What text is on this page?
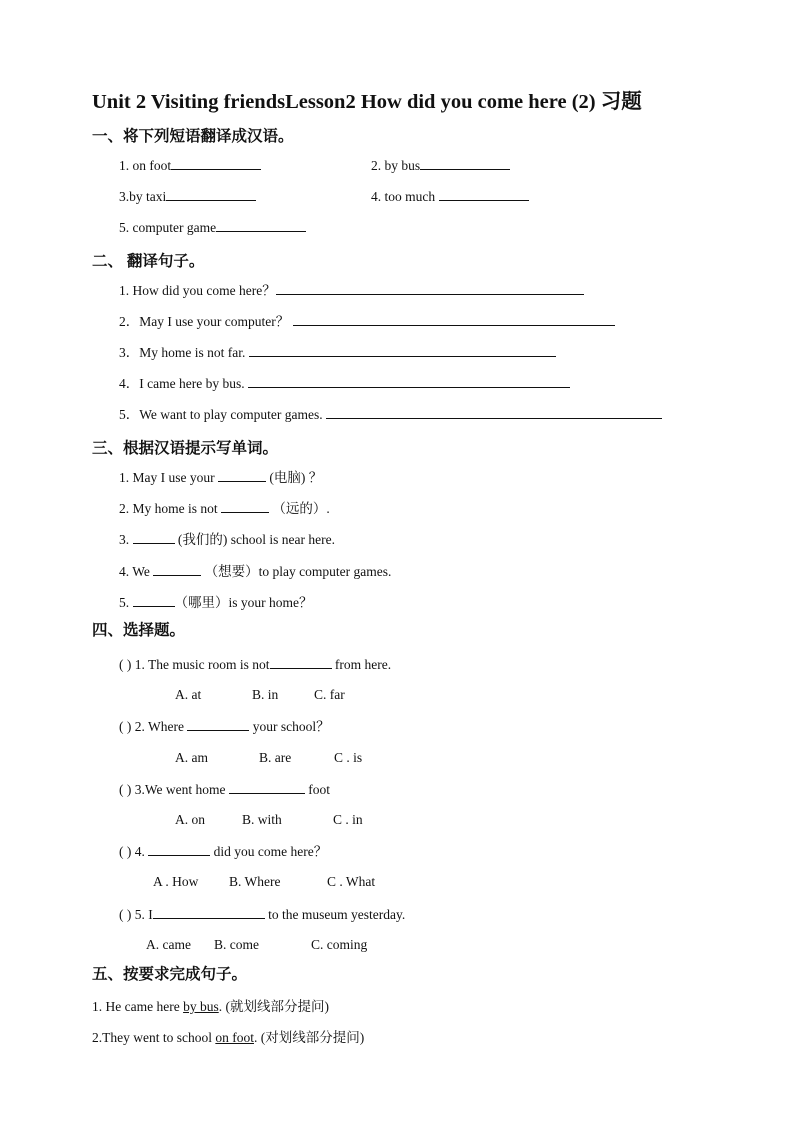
Unit 2 Visiting friendsLesson2 How did you come here (2) 习题
一、将下列短语翻译成汉语。
1. on foot	2. by bus
3.by taxi	4. too much
5. computer game
二、 翻译句子。
1. How did you come here？
2．May I use your computer？
3．My home is not far.
4．I came here by bus.
5．We want to play computer games.
三、根据汉语提示写单词。
1. May I use your	(电脑) ？
2. My home is not	（远的）.
3.	(我们的) school is near here.
4. We	（想要）to play computer games.
5.	（哪里）is your home？
四、选择题。
( ) 1. The music room is not	from here.
A. at	B. in	C. far
( ) 2. Where	your school？
A. am	B. are	C . is
( ) 3.We went home	foot
A. on	B. with	C . in
( ) 4.	did you come here？
A . How B. Where	C . What
( ) 5. I	to the museum yesterday.
A. came B. come	C. coming
五、按要求完成句子。
1. He came here by bus. (就划线部分提问)
2.They went to school on foot. (对划线部分提问)
